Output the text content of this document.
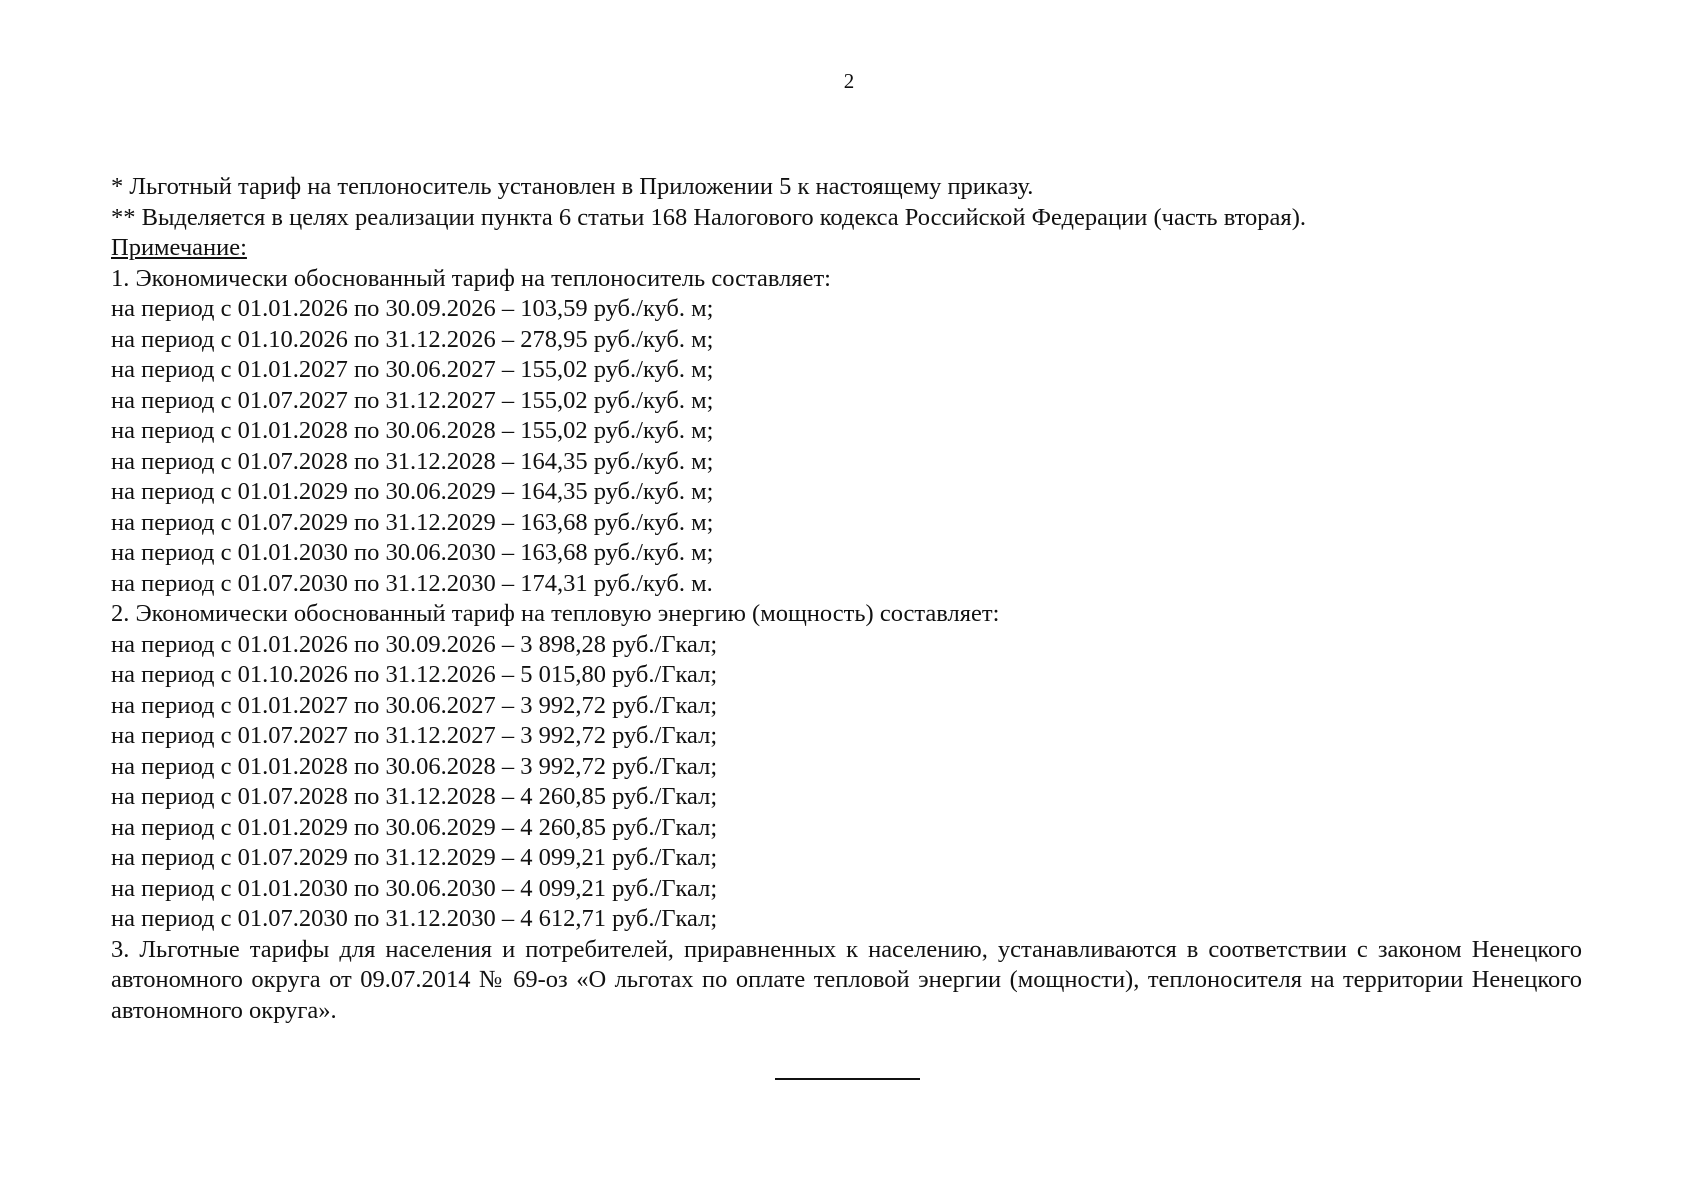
2
* Льготный тариф на теплоноситель установлен в Приложении 5 к настоящему приказу.
** Выделяется в целях реализации пункта 6 статьи 168 Налогового кодекса Российской Федерации (часть вторая).
Примечание:
1. Экономически обоснованный тариф на теплоноситель составляет:
на период с 01.01.2026 по 30.09.2026 – 103,59 руб./куб. м;
на период с 01.10.2026 по 31.12.2026 – 278,95 руб./куб. м;
на период с 01.01.2027 по 30.06.2027 – 155,02 руб./куб. м;
на период с 01.07.2027 по 31.12.2027 – 155,02 руб./куб. м;
на период с 01.01.2028 по 30.06.2028 – 155,02 руб./куб. м;
на период с 01.07.2028 по 31.12.2028 – 164,35 руб./куб. м;
на период с 01.01.2029 по 30.06.2029 – 164,35 руб./куб. м;
на период с 01.07.2029 по 31.12.2029 – 163,68 руб./куб. м;
на период с 01.01.2030 по 30.06.2030 – 163,68 руб./куб. м;
на период с 01.07.2030 по 31.12.2030 – 174,31 руб./куб. м.
2. Экономически обоснованный тариф на тепловую энергию (мощность) составляет:
на период с 01.01.2026 по 30.09.2026 – 3 898,28 руб./Гкал;
на период с 01.10.2026 по 31.12.2026 – 5 015,80 руб./Гкал;
на период с 01.01.2027 по 30.06.2027 – 3 992,72 руб./Гкал;
на период с 01.07.2027 по 31.12.2027 – 3 992,72 руб./Гкал;
на период с 01.01.2028 по 30.06.2028 – 3 992,72 руб./Гкал;
на период с 01.07.2028 по 31.12.2028 – 4 260,85 руб./Гкал;
на период с 01.01.2029 по 30.06.2029 – 4 260,85 руб./Гкал;
на период с 01.07.2029 по 31.12.2029 – 4 099,21 руб./Гкал;
на период с 01.01.2030 по 30.06.2030 – 4 099,21 руб./Гкал;
на период с 01.07.2030 по 31.12.2030 – 4 612,71 руб./Гкал;
3. Льготные тарифы для населения и потребителей, приравненных к населению, устанавливаются в соответствии с законом Ненецкого автономного округа от 09.07.2014 № 69-оз «О льготах по оплате тепловой энергии (мощности), теплоносителя на территории Ненецкого автономного округа».
